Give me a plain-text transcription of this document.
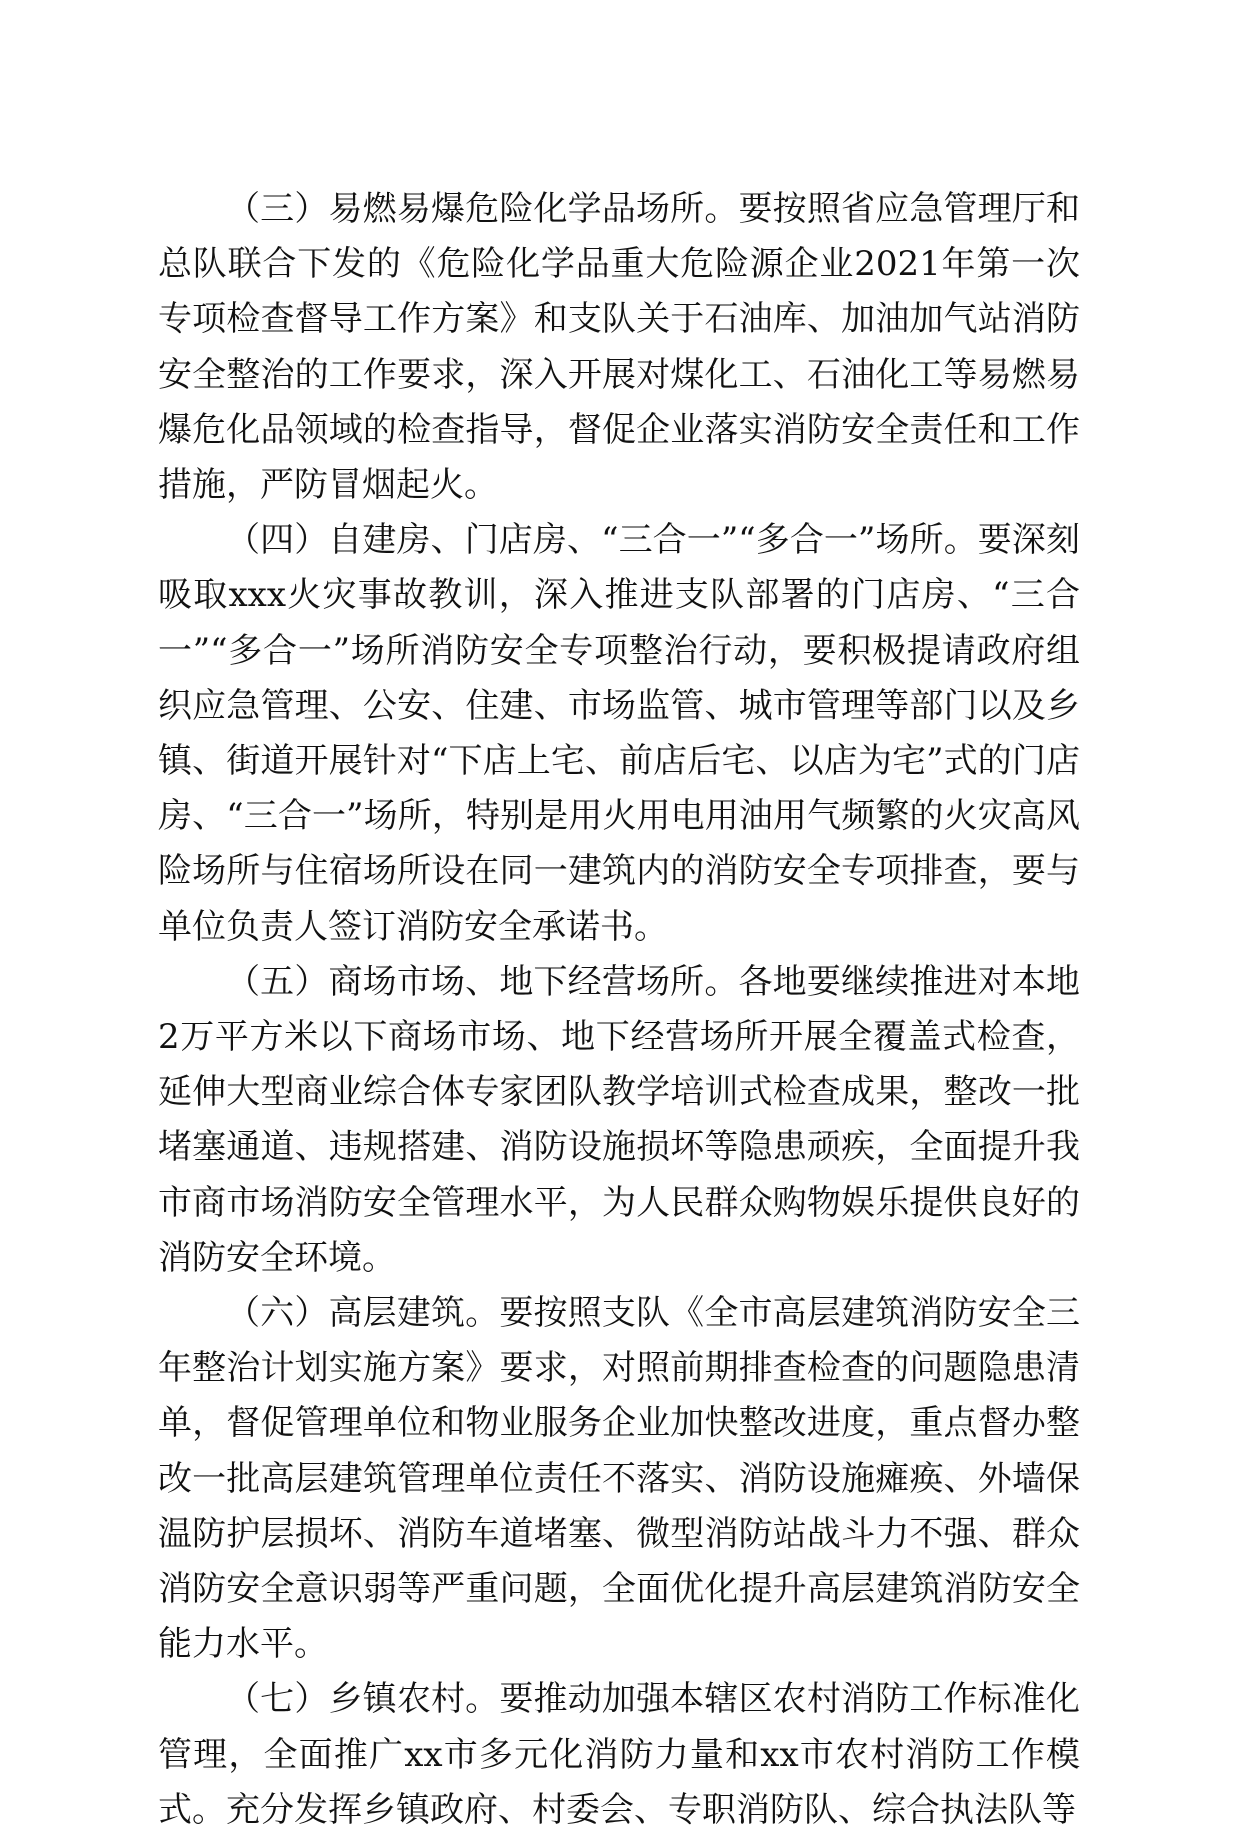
（三）易燃易爆危险化学品场所。要按照省应急管理厅和总队联合下发的《危险化学品重大危险源企业2021年第一次专项检查督导工作方案》和支队关于石油库、加油加气站消防安全整治的工作要求，深入开展对煤化工、石油化工等易燃易爆危化品领域的检查指导，督促企业落实消防安全责任和工作措施，严防冒烟起火。

（四）自建房、门店房、“三合一”“多合一”场所。要深刻吸取xxx火灾事故教训，深入推进支队部署的门店房、“三合一”“多合一”场所消防安全专项整治行动，要积极提请政府组织应急管理、公安、住建、市场监管、城市管理等部门以及乡镇、街道开展针对“下店上宅、前店后宅、以店为宅”式的门店房、“三合一”场所，特别是用火用电用油用气频繁的火灾高风险场所与住宿场所设在同一建筑内的消防安全专项排查，要与单位负责人签订消防安全承诺书。

（五）商场市场、地下经营场所。各地要继续推进对本地2万平方米以下商场市场、地下经营场所开展全覆盖式检查，延伸大型商业综合体专家团队教学培训式检查成果，整改一批堵塞通道、违规搭建、消防设施损坏等隐患顽疾，全面提升我市商市场消防安全管理水平，为人民群众购物娱乐提供良好的消防安全环境。

（六）高层建筑。要按照支队《全市高层建筑消防安全三年整治计划实施方案》要求，对照前期排查检查的问题隐患清单，督促管理单位和物业服务企业加快整改进度，重点督办整改一批高层建筑管理单位责任不落实、消防设施瘫痪、外墙保温防护层损坏、消防车道堵塞、微型消防站战斗力不强、群众消防安全意识弱等严重问题，全面优化提升高层建筑消防安全能力水平。

（七）乡镇农村。要推动加强本辖区农村消防工作标准化管理，全面推广xx市多元化消防力量和xx市农村消防工作模式。充分发挥乡镇政府、村委会、专职消防队、综合执法队等
